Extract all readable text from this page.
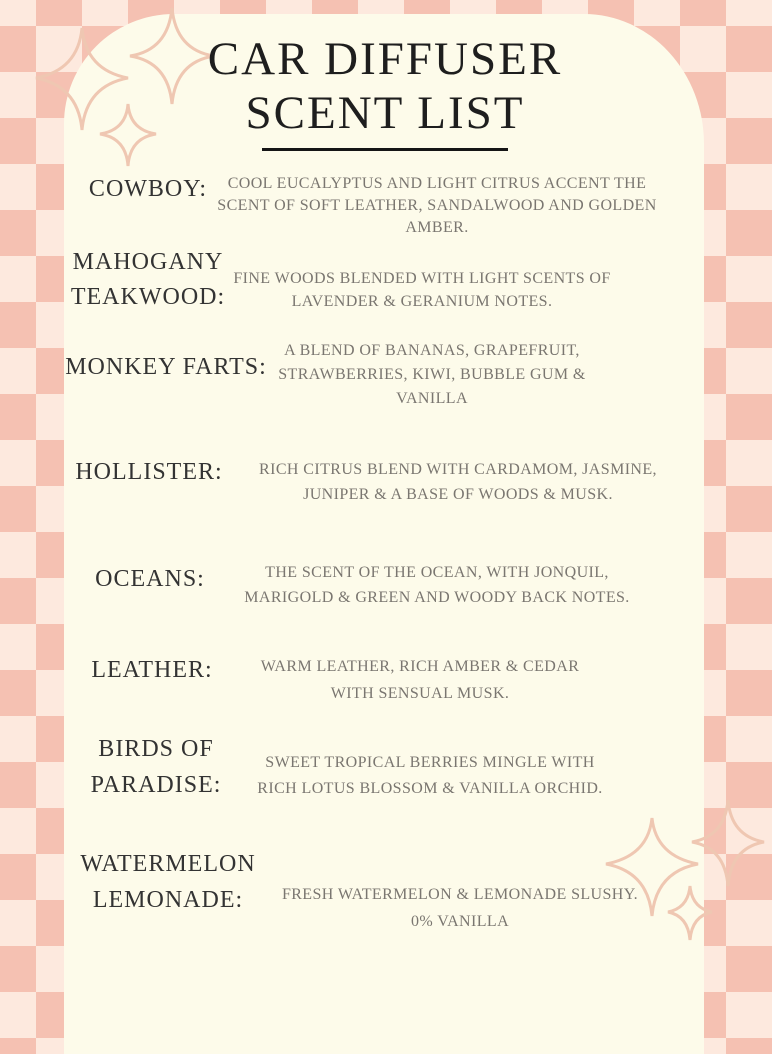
CAR DIFFUSER
SCENT LIST
COWBOY:	COOL EUCALYPTUS AND LIGHT CITRUS ACCENT THE
SCENT OF SOFT LEATHER, SANDALWOOD AND GOLDEN
AMBER.
MAHOGANY
TEAKWOOD:
FINE WOODS BLENDED WITH LIGHT SCENTS OF
LAVENDER & GERANIUM NOTES.
MONKEY FARTS:
A BLEND OF BANANAS, GRAPEFRUIT,
STRAWBERRIES, KIWI, BUBBLE GUM &
VANILLA
HOLLISTER:	RICH CITRUS BLEND WITH CARDAMOM, JASMINE,
JUNIPER & A BASE OF WOODS & MUSK.
OCEANS:	THE SCENT OF THE OCEAN, WITH JONQUIL,
MARIGOLD & GREEN AND WOODY BACK NOTES.
LEATHER:	WARM LEATHER, RICH AMBER & CEDAR
WITH SENSUAL MUSK.
BIRDS OF
PARADISE:
SWEET TROPICAL BERRIES MINGLE WITH
RICH LOTUS BLOSSOM & VANILLA ORCHID.
WATERMELON
LEMONADE:	FRESH WATERMELON & LEMONADE SLUSHY.
0% VANILLA
